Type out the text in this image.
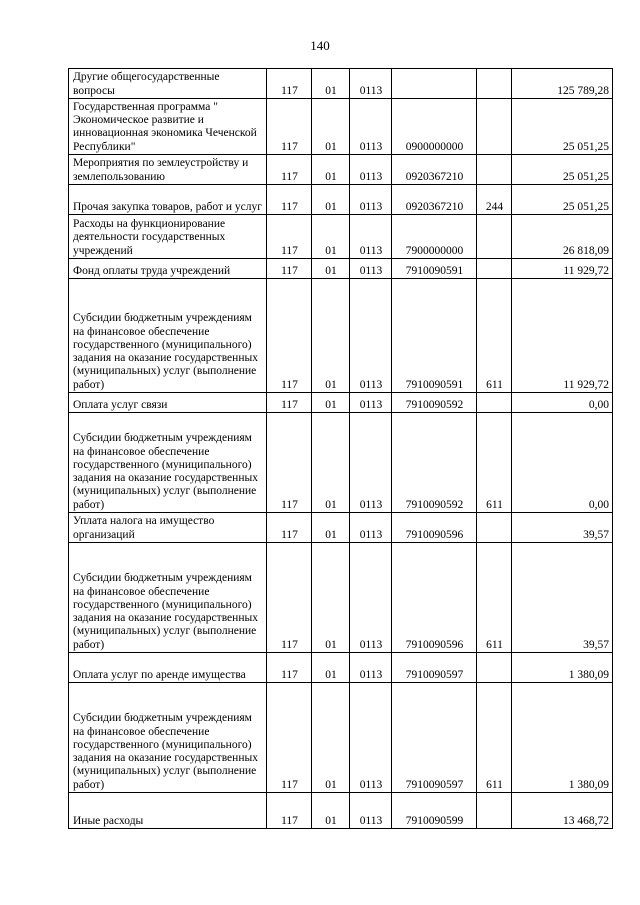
140
Другие общегосударственные вопросы	117	01	0113			125 789,28
Государственная программа " Экономическое развитие и инновационная экономика Чеченской Республики"	117	01	0113	0900000000		25 051,25
Мероприятия по землеустройству и землепользованию	117	01	0113	0920367210		25 051,25
Прочая закупка товаров, работ и услуг	117	01	0113	0920367210	244	25 051,25
Расходы на функционирование деятельности государственных учреждений	117	01	0113	7900000000		26 818,09
Фонд оплаты труда учреждений	117	01	0113	7910090591		11 929,72
Субсидии бюджетным учреждениям на финансовое обеспечение государственного (муниципального) задания на оказание государственных (муниципальных) услуг (выполнение работ)	117	01	0113	7910090591	611	11 929,72
Оплата услуг связи	117	01	0113	7910090592		0,00
Субсидии бюджетным учреждениям на финансовое обеспечение государственного (муниципального) задания на оказание государственных (муниципальных) услуг (выполнение работ)	117	01	0113	7910090592	611	0,00
Уплата налога на имущество организаций	117	01	0113	7910090596		39,57
Субсидии бюджетным учреждениям на финансовое обеспечение государственного (муниципального) задания на оказание государственных (муниципальных) услуг (выполнение работ)	117	01	0113	7910090596	611	39,57
Оплата услуг по аренде имущества	117	01	0113	7910090597		1 380,09
Субсидии бюджетным учреждениям на финансовое обеспечение государственного (муниципального) задания на оказание государственных (муниципальных) услуг (выполнение работ)	117	01	0113	7910090597	611	1 380,09
Иные расходы	117	01	0113	7910090599		13 468,72
